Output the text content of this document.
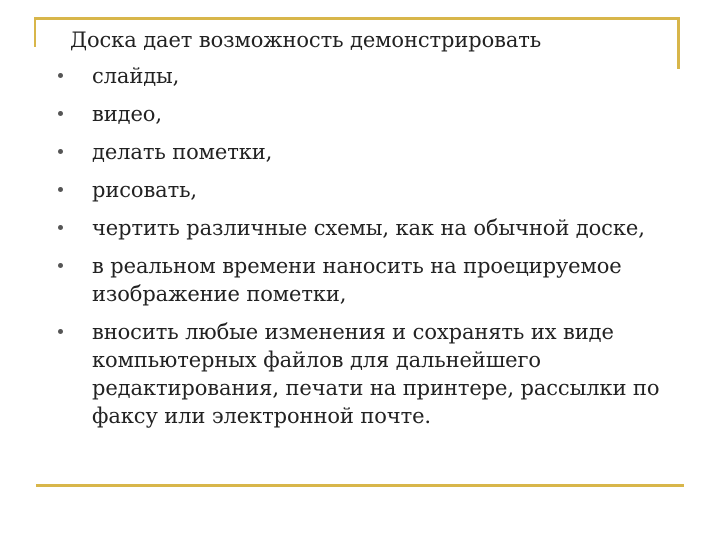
Доска дает возможность демонстрировать

слайды,
видео,
делать пометки,
рисовать,
чертить различные схемы, как на обычной доске,
в реальном времени наносить на проецируемое изображение пометки,
вносить любые изменения и сохранять их виде компьютерных файлов для дальнейшего редактирования, печати на принтере, рассылки по факсу или электронной почте.
